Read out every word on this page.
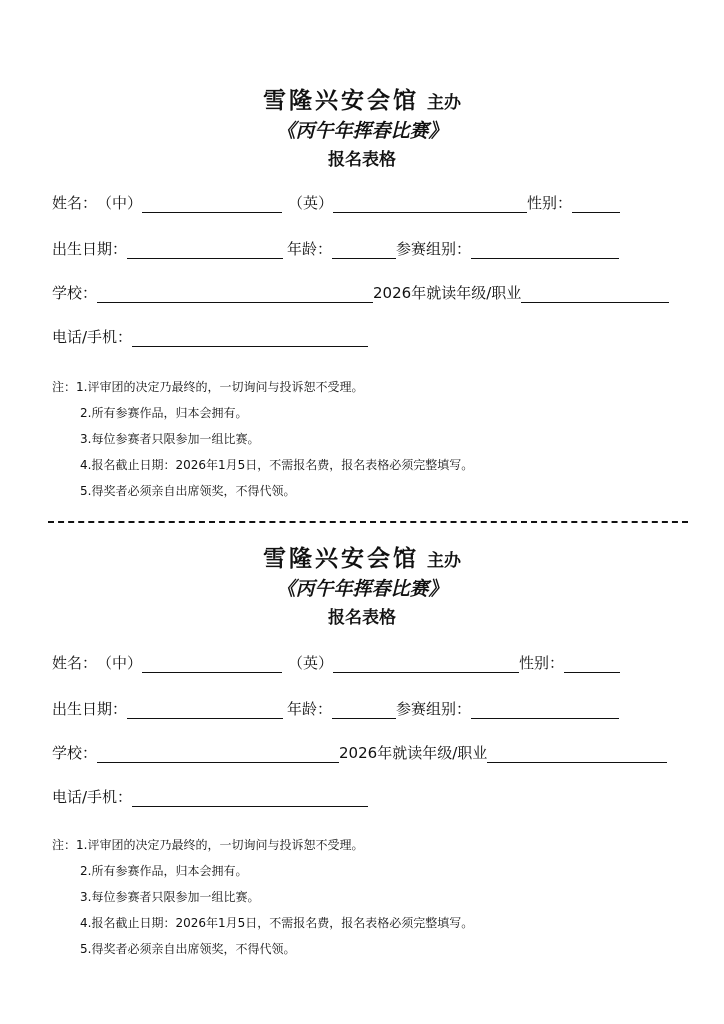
雪隆兴安会馆 主办
《丙午年挥春比赛》
报名表格
姓名：（中）	（英）	性别：
出生日期：	年龄：	参赛组别：
学校：	2026年就读年级/职业
电话/手机：
注：1.评审团的决定乃最终的，一切询问与投诉恕不受理。
2.所有参赛作品，归本会拥有。
3.每位参赛者只限参加一组比赛。
4.报名截止日期：2026年1月5日，不需报名费，报名表格必须完整填写。
5.得奖者必须亲自出席领奖，不得代领。
雪隆兴安会馆 主办
《丙午年挥春比赛》
报名表格
姓名：（中）	（英）	性别：
出生日期：	年龄：	参赛组别：
学校：	2026年就读年级/职业
电话/手机：
注：1.评审团的决定乃最终的，一切询问与投诉恕不受理。
2.所有参赛作品，归本会拥有。
3.每位参赛者只限参加一组比赛。
4.报名截止日期：2026年1月5日，不需报名费，报名表格必须完整填写。
5.得奖者必须亲自出席领奖，不得代领。
